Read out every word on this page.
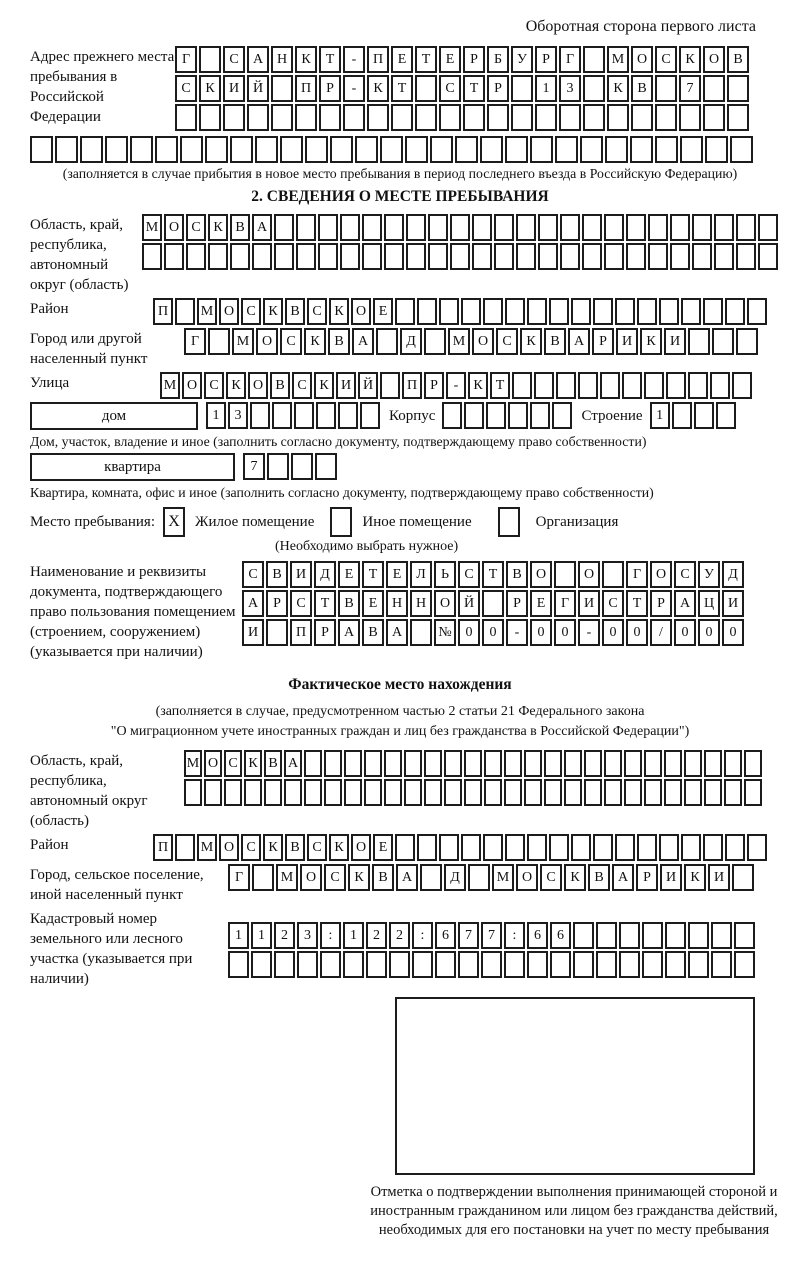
Оборотная сторона первого листа
Адрес прежнего места пребывания в Российской Федерации
Г	С А Н К Т - П Е Т Е Р Б У Р Г	М О С К О В
С К И Й	П Р - К Т	С Т Р	1 3	К В	7
(заполняется в случае прибытия в новое место пребывания в период последнего въезда в Российскую Федерацию)
2. СВЕДЕНИЯ О МЕСТЕ ПРЕБЫВАНИЯ
Область, край, республика, автономный округ (область)
М О С К В А
Район	П М О С К В С К О Е
Город или другой населенный пункт
Г	М О С К В А	Д	М О С К В А Р И К И
Улица	М О С К О В С К И Й П Р - К Т
дом	1 3	Корпус	Строение 1
Дом, участок, владение и иное (заполнить согласно документу, подтверждающему право собственности)
квартира	7
Квартира, комната, офис и иное (заполнить согласно документу, подтверждающему право собственности)
Место пребывания: X	Жилое помещение	Иное помещение	Организация
(Необходимо выбрать нужное)
Наименование и реквизиты документа, подтверждающего право пользования помещением (строением, сооружением) (указывается при наличии)
С В И Д Е Т Е Л Ь С Т В О	О	Г О С У Д
А Р С Т В Е Н Н О Й	Р Е Г И С Т Р А Ц И
И	П Р А В А	№ 0 0 - 0 0 - 0 0 / 0 0 0
Фактическое место нахождения
(заполняется в случае, предусмотренном частью 2 статьи 21 Федерального закона
"О миграционном учете иностранных граждан и лиц без гражданства в Российской Федерации")
Область, край, республика, автономный округ (область)
М О С К В А
Район	П М О С К В С К О Е
Город, сельское поселение, иной населенный пункт
Г	М О С К В А	Д	М О С К В А Р И К И
Кадастровый номер земельного или лесного участка (указывается при наличии)
1 1 2 3 : 1 2 2 : 6 7 7 : 6 6
Отметка о подтверждении выполнения принимающей стороной и иностранным гражданином или лицом без гражданства действий, необходимых для его постановки на учет по месту пребывания
